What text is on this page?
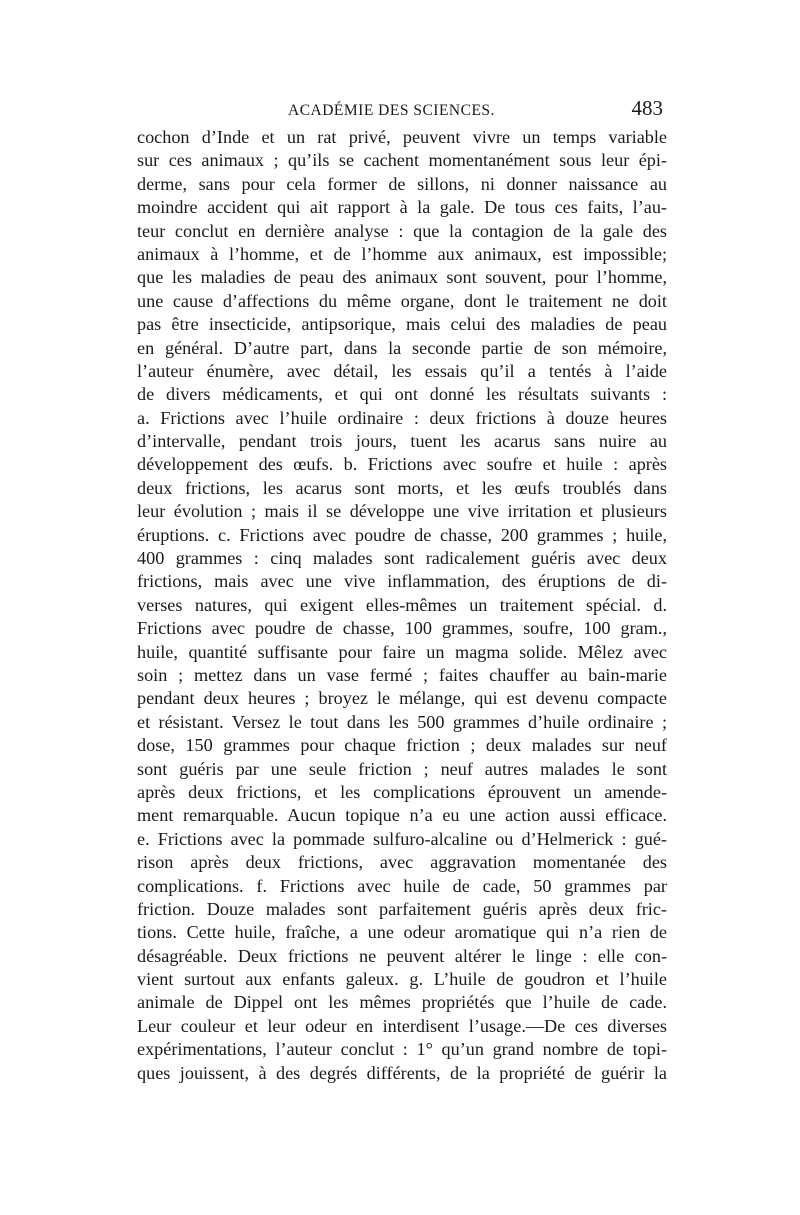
ACADÉMIE DES SCIENCES.	483
cochon d’Inde et un rat privé, peuvent vivre un temps variable
sur ces animaux ; qu’ils se cachent momentanément sous leur épi-
derme, sans pour cela former de sillons, ni donner naissance au
moindre accident qui ait rapport à la gale. De tous ces faits, l’au-
teur conclut en dernière analyse : que la contagion de la gale des
animaux à l’homme, et de l’homme aux animaux, est impossible;
que les maladies de peau des animaux sont souvent, pour l’homme,
une cause d’affections du même organe, dont le traitement ne doit
pas être insecticide, antipsorique, mais celui des maladies de peau
en général. D’autre part, dans la seconde partie de son mémoire,
l’auteur énumère, avec détail, les essais qu’il a tentés à l’aide
de divers médicaments, et qui ont donné les résultats suivants :
a. Frictions avec l’huile ordinaire : deux frictions à douze heures
d’intervalle, pendant trois jours, tuent les acarus sans nuire au
développement des œufs. b. Frictions avec soufre et huile : après
deux frictions, les acarus sont morts, et les œufs troublés dans
leur évolution ; mais il se développe une vive irritation et plusieurs
éruptions. c. Frictions avec poudre de chasse, 200 grammes ; huile,
400 grammes : cinq malades sont radicalement guéris avec deux
frictions, mais avec une vive inflammation, des éruptions de di-
verses natures, qui exigent elles-mêmes un traitement spécial. d.
Frictions avec poudre de chasse, 100 grammes, soufre, 100 gram.,
huile, quantité suffisante pour faire un magma solide. Mêlez avec
soin ; mettez dans un vase fermé ; faites chauffer au bain-marie
pendant deux heures ; broyez le mélange, qui est devenu compacte
et résistant. Versez le tout dans les 500 grammes d’huile ordinaire ;
dose, 150 grammes pour chaque friction ; deux malades sur neuf
sont guéris par une seule friction ; neuf autres malades le sont
après deux frictions, et les complications éprouvent un amende-
ment remarquable. Aucun topique n’a eu une action aussi efficace.
e. Frictions avec la pommade sulfuro-alcaline ou d’Helmerick : gué-
rison après deux frictions, avec aggravation momentanée des
complications. f. Frictions avec huile de cade, 50 grammes par
friction. Douze malades sont parfaitement guéris après deux fric-
tions. Cette huile, fraîche, a une odeur aromatique qui n’a rien de
désagréable. Deux frictions ne peuvent altérer le linge : elle con-
vient surtout aux enfants galeux. g. L’huile de goudron et l’huile
animale de Dippel ont les mêmes propriétés que l’huile de cade.
Leur couleur et leur odeur en interdisent l’usage.—De ces diverses
expérimentations, l’auteur conclut : 1° qu’un grand nombre de topi-
ques jouissent, à des degrés différents, de la propriété de guérir la
